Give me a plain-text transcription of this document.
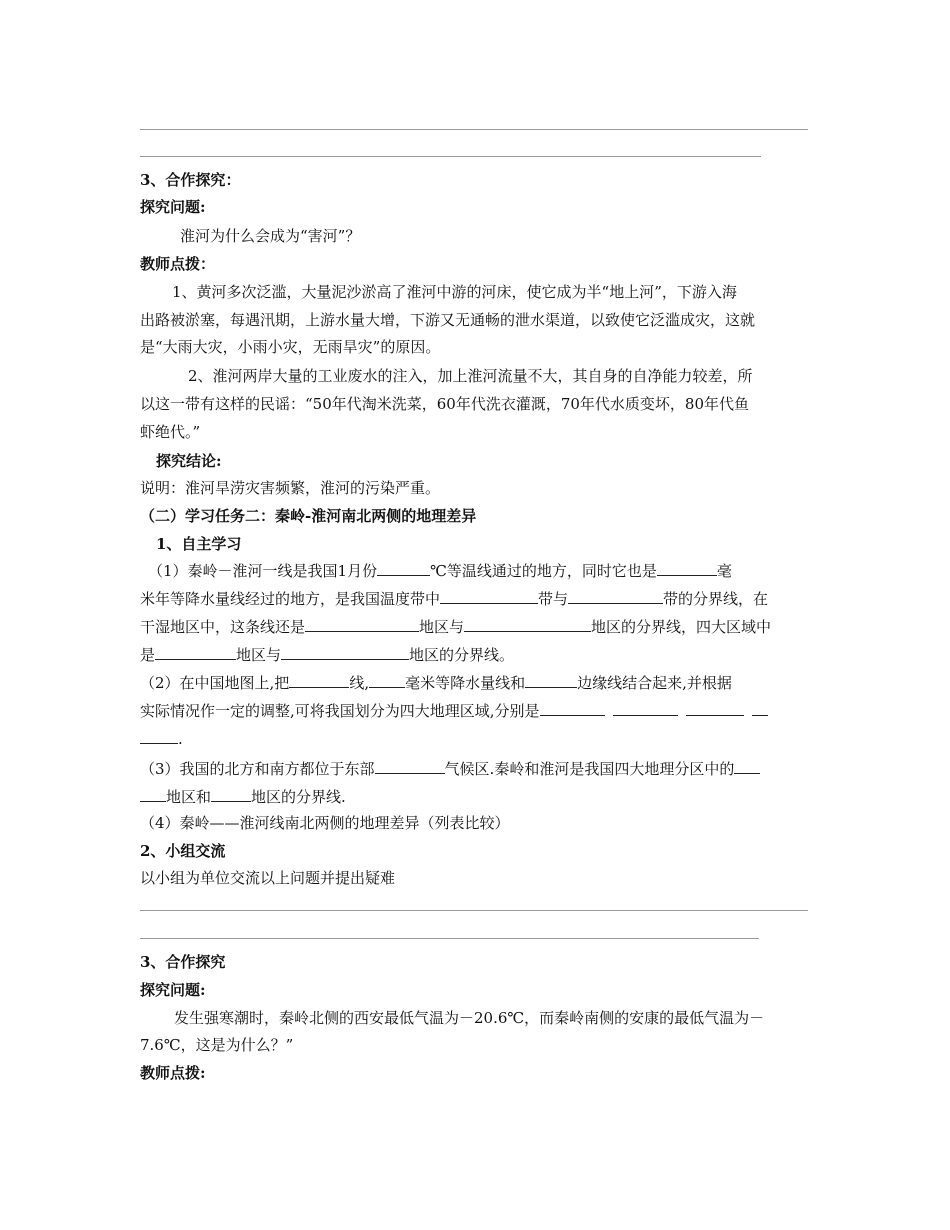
3、合作探究：
探究问题:
淮河为什么会成为“害河”？
教师点拨：
1、黄河多次泛滥，大量泥沙淤高了淮河中游的河床，使它成为半“地上河”，下游入海
出路被淤塞，每遇汛期，上游水量大增，下游又无通畅的泄水渠道，以致使它泛滥成灾，这就
是“大雨大灾，小雨小灾，无雨旱灾”的原因。
2、淮河两岸大量的工业废水的注入，加上淮河流量不大，其自身的自净能力较差，所
以这一带有这样的民谣：“50年代淘米洗菜，60年代洗衣灌溉，70年代水质变坏，80年代鱼
虾绝代。”
探究结论:
说明：淮河旱涝灾害频繁，淮河的污染严重。
（二）学习任务二：秦岭-淮河南北两侧的地理差异
1、自主学习
（1）秦岭－淮河一线是我国1月份	℃等温线通过的地方，同时它也是	毫
米年等降水量线经过的地方，是我国温度带中	带与	带的分界线，在
干湿地区中，这条线还是	地区与	地区的分界线，四大区域中
是	地区与	地区的分界线。
（2）在中国地图上,把	线, 毫米等降水量线和	边缘线结合起来,并根据
实际情况作一定的调整,可将我国划分为四大地理区域,分别是
.
（3）我国的北方和南方都位于东部	气候区.秦岭和淮河是我国四大地理分区中的
地区和	地区的分界线.
（4）秦岭——淮河线南北两侧的地理差异（列表比较）
2、小组交流
以小组为单位交流以上问题并提出疑难
3、合作探究
探究问题:
发生强寒潮时，秦岭北侧的西安最低气温为－20.6℃，而秦岭南侧的安康的最低气温为－
7.6℃，这是为什么？”
教师点拨:
